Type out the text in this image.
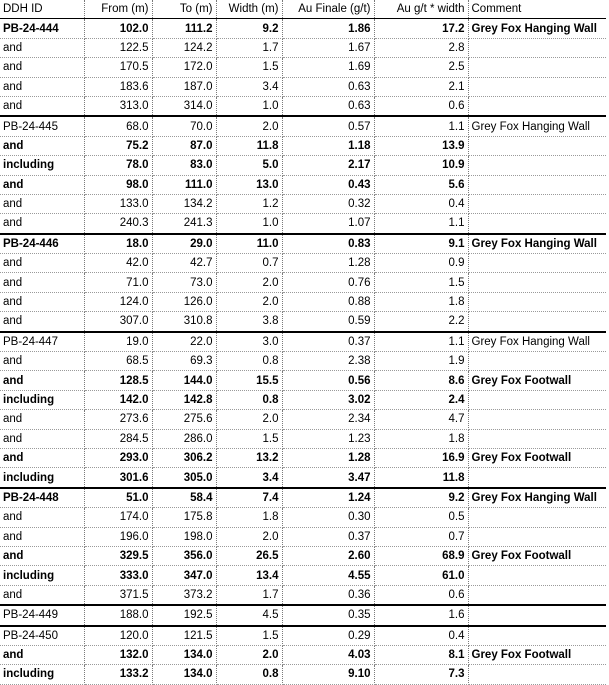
DDH ID	From (m)	To (m)	Width (m)	Au Finale (g/t)	Au g/t * width	Comment
PB-24-444	102.0	111.2	9.2	1.86	17.2	Grey Fox Hanging Wall
and	122.5	124.2	1.7	1.67	2.8	
and	170.5	172.0	1.5	1.69	2.5	
and	183.6	187.0	3.4	0.63	2.1	
and	313.0	314.0	1.0	0.63	0.6	
PB-24-445	68.0	70.0	2.0	0.57	1.1	Grey Fox Hanging Wall
and	75.2	87.0	11.8	1.18	13.9	
including	78.0	83.0	5.0	2.17	10.9	
and	98.0	111.0	13.0	0.43	5.6	
and	133.0	134.2	1.2	0.32	0.4	
and	240.3	241.3	1.0	1.07	1.1	
PB-24-446	18.0	29.0	11.0	0.83	9.1	Grey Fox Hanging Wall
and	42.0	42.7	0.7	1.28	0.9	
and	71.0	73.0	2.0	0.76	1.5	
and	124.0	126.0	2.0	0.88	1.8	
and	307.0	310.8	3.8	0.59	2.2	
PB-24-447	19.0	22.0	3.0	0.37	1.1	Grey Fox Hanging Wall
and	68.5	69.3	0.8	2.38	1.9	
and	128.5	144.0	15.5	0.56	8.6	Grey Fox Footwall
including	142.0	142.8	0.8	3.02	2.4	
and	273.6	275.6	2.0	2.34	4.7	
and	284.5	286.0	1.5	1.23	1.8	
and	293.0	306.2	13.2	1.28	16.9	Grey Fox Footwall
including	301.6	305.0	3.4	3.47	11.8	
PB-24-448	51.0	58.4	7.4	1.24	9.2	Grey Fox Hanging Wall
and	174.0	175.8	1.8	0.30	0.5	
and	196.0	198.0	2.0	0.37	0.7	
and	329.5	356.0	26.5	2.60	68.9	Grey Fox Footwall
including	333.0	347.0	13.4	4.55	61.0	
and	371.5	373.2	1.7	0.36	0.6	
PB-24-449	188.0	192.5	4.5	0.35	1.6	
PB-24-450	120.0	121.5	1.5	0.29	0.4	
and	132.0	134.0	2.0	4.03	8.1	Grey Fox Footwall
including	133.2	134.0	0.8	9.10	7.3	
